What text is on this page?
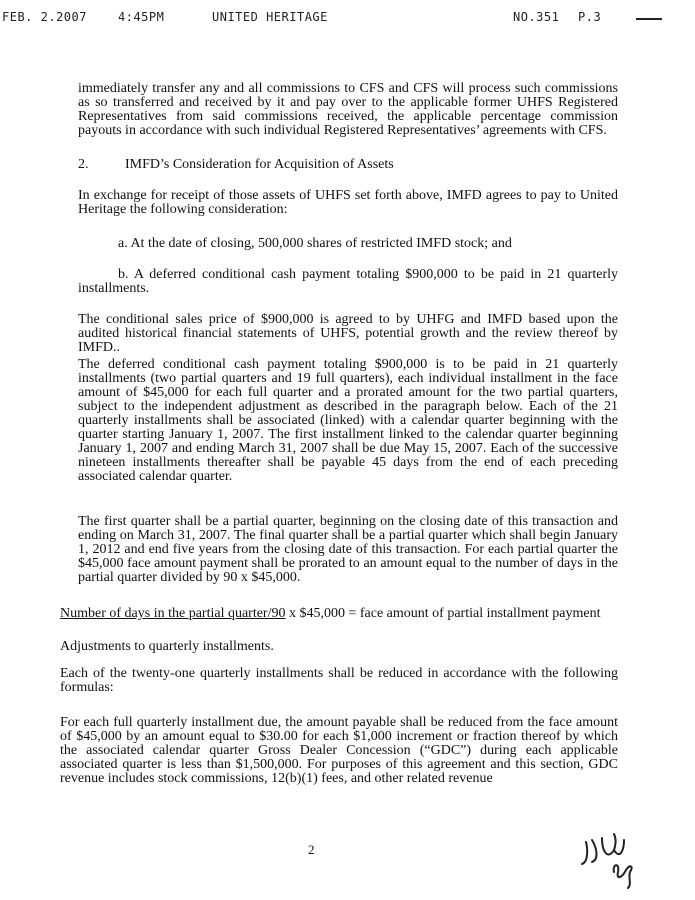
FEB. 2.2007	4:45PM	UNITED HERITAGE	NO.351 P.3

immediately transfer any and all commissions to CFS and CFS will process such commissions as so transferred and received by it and pay over to the applicable former UHFS Registered Representatives from said commissions received, the applicable percentage commission payouts in accordance with such individual Registered Representatives’ agreements with CFS.

2.	IMFD’s Consideration for Acquisition of Assets

In exchange for receipt of those assets of UHFS set forth above, IMFD agrees to pay to United Heritage the following consideration:

a. At the date of closing, 500,000 shares of restricted IMFD stock; and

b. A deferred conditional cash payment totaling $900,000 to be paid in 21 quarterly installments.

The conditional sales price of $900,000 is agreed to by UHFG and IMFD based upon the audited historical financial statements of UHFS, potential growth and the review thereof by IMFD..

The deferred conditional cash payment totaling $900,000 is to be paid in 21 quarterly installments (two partial quarters and 19 full quarters), each individual installment in the face amount of $45,000 for each full quarter and a prorated amount for the two partial quarters, subject to the independent adjustment as described in the paragraph below. Each of the 21 quarterly installments shall be associated (linked) with a calendar quarter beginning with the quarter starting January 1, 2007. The first installment linked to the calendar quarter beginning January 1, 2007 and ending March 31, 2007 shall be due May 15, 2007. Each of the successive nineteen installments thereafter shall be payable 45 days from the end of each preceding associated calendar quarter.

The first quarter shall be a partial quarter, beginning on the closing date of this transaction and ending on March 31, 2007. The final quarter shall be a partial quarter which shall begin January 1, 2012 and end five years from the closing date of this transaction. For each partial quarter the $45,000 face amount payment shall be prorated to an amount equal to the number of days in the partial quarter divided by 90 x $45,000.

Number of days in the partial quarter/90 x $45,000 = face amount of partial installment payment

Adjustments to quarterly installments.

Each of the twenty-one quarterly installments shall be reduced in accordance with the following formulas:

For each full quarterly installment due, the amount payable shall be reduced from the face amount of $45,000 by an amount equal to $30.00 for each $1,000 increment or fraction thereof by which the associated calendar quarter Gross Dealer Concession (“GDC”) during each applicable associated quarter is less than $1,500,000. For purposes of this agreement and this section, GDC revenue includes stock commissions, 12(b)(1) fees, and other related revenue

2
